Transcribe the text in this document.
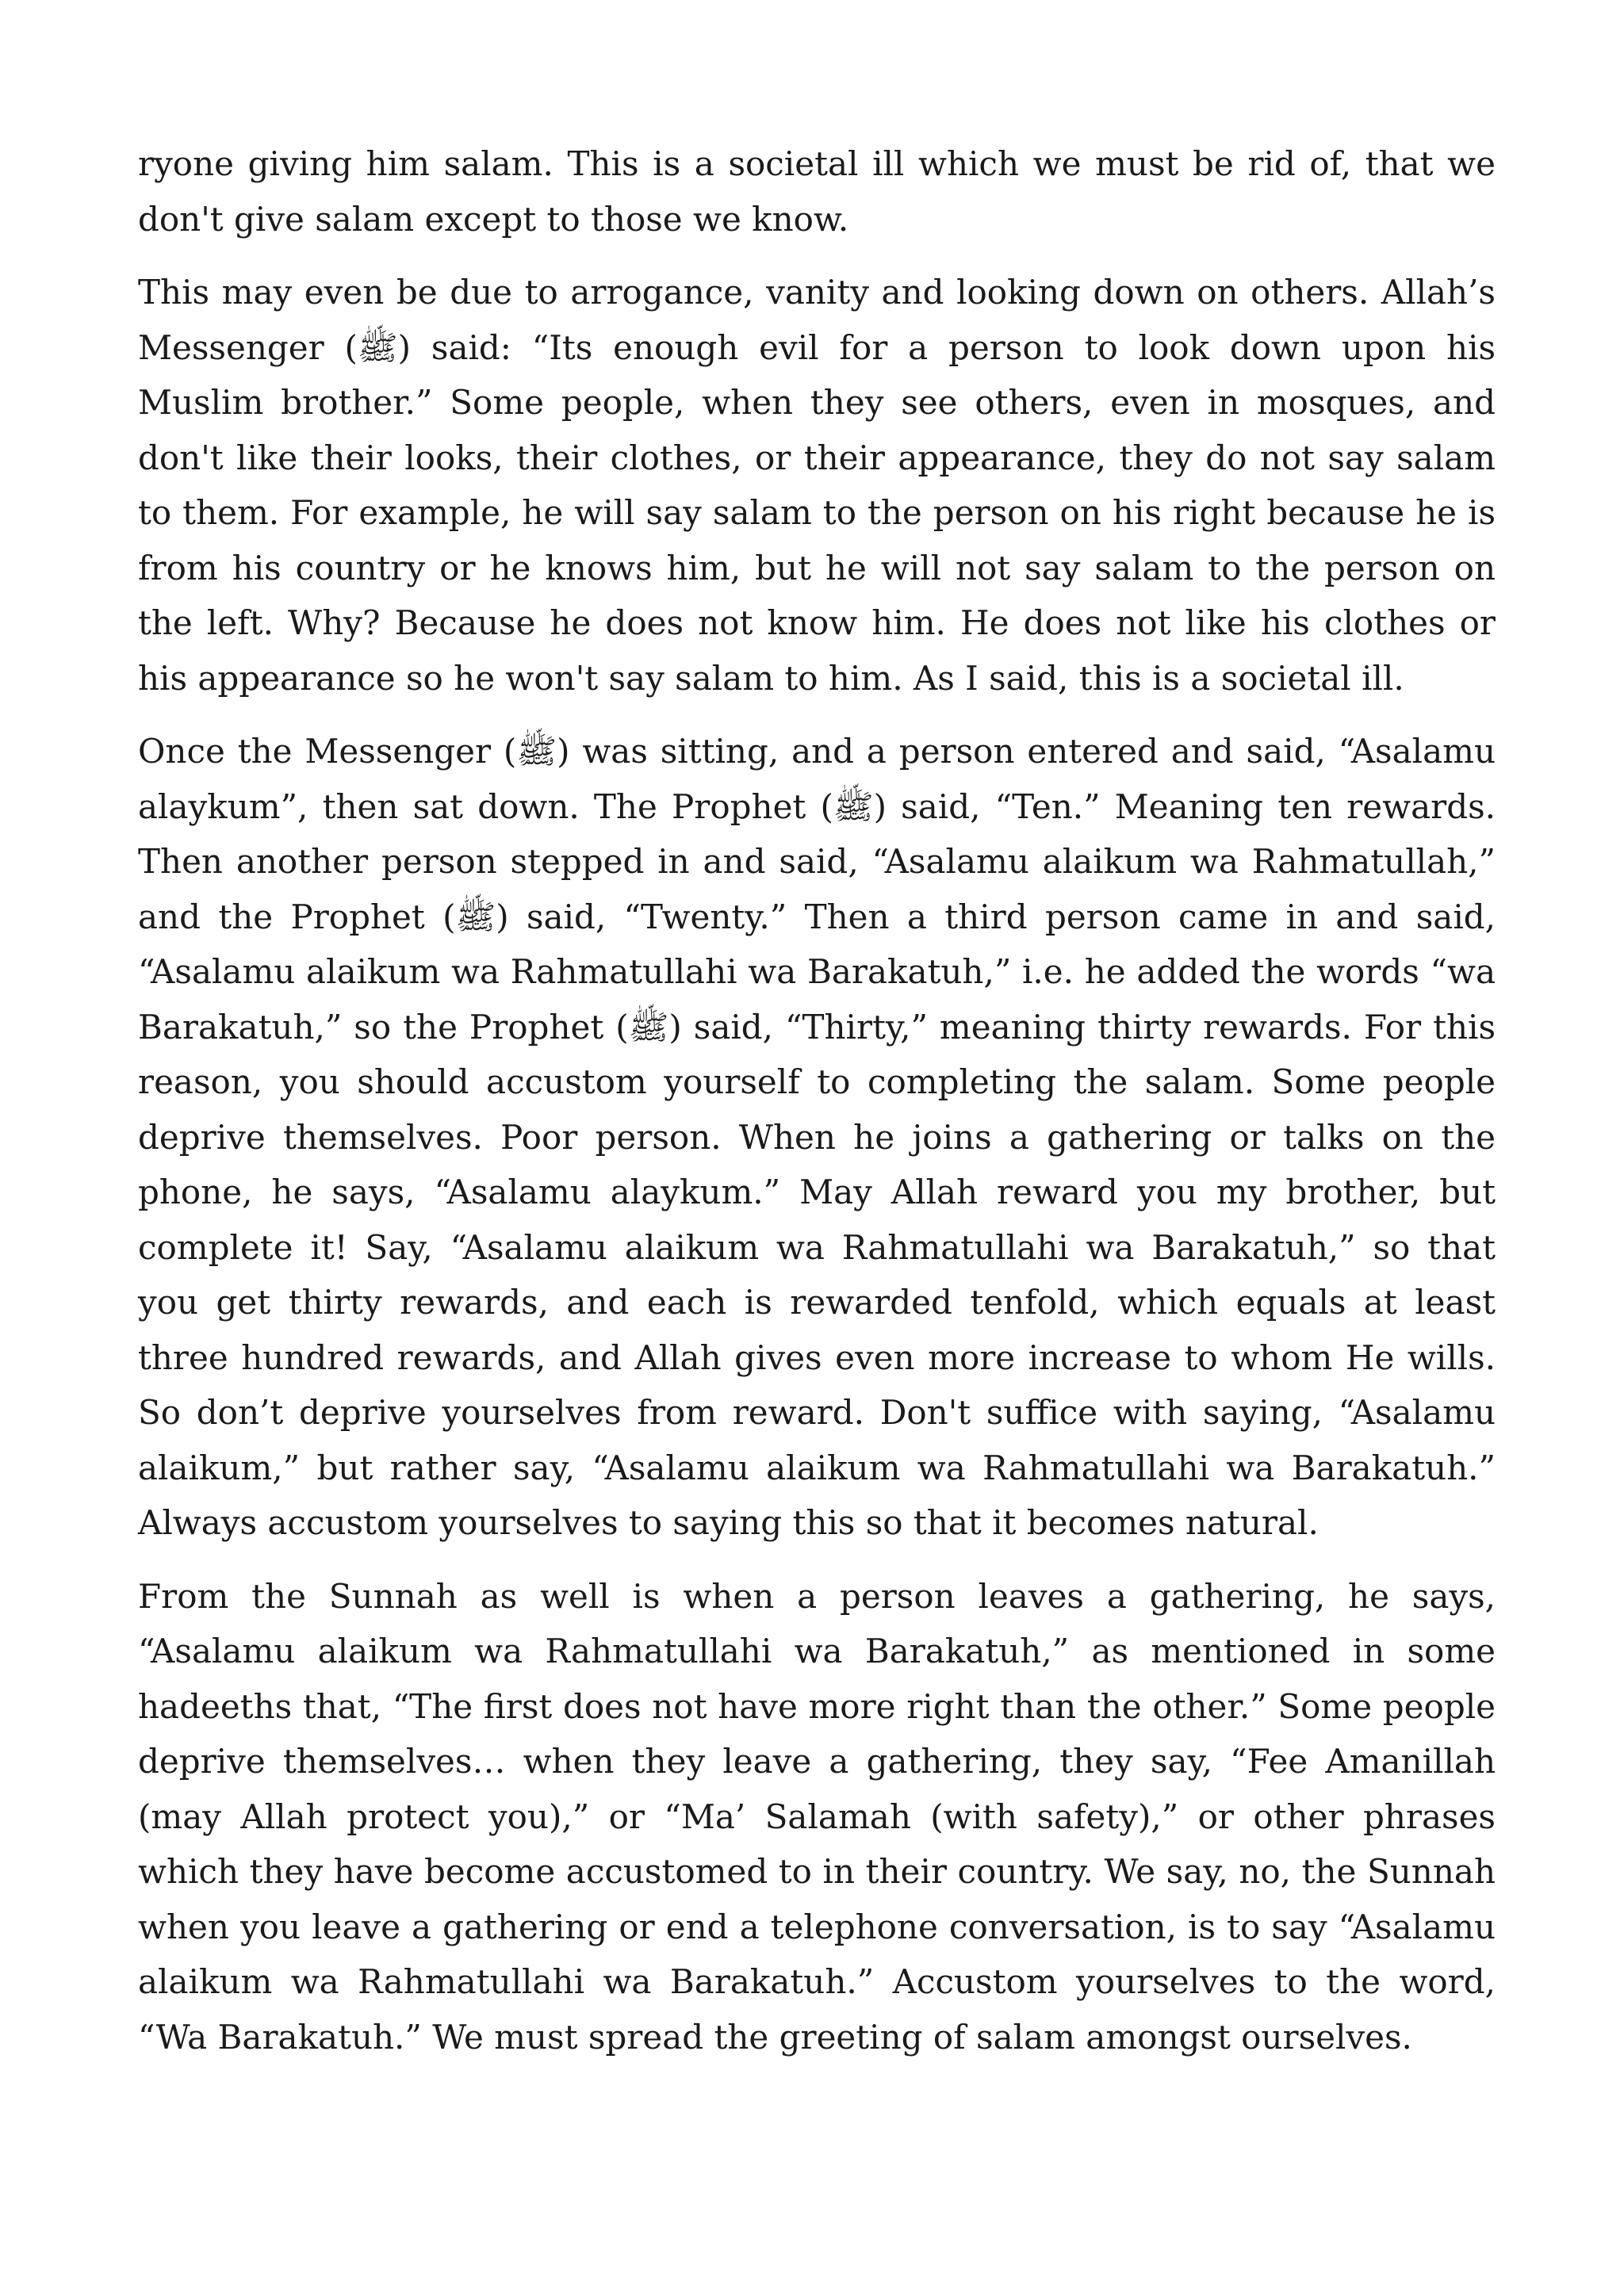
ryone giving him salam. This is a societal ill which we must be rid of, that we don't give salam except to those we know.

This may even be due to arrogance, vanity and looking down on others. Allah’s Messenger (ﷺ) said: “Its enough evil for a person to look down upon his Muslim brother.” Some people, when they see others, even in mosques, and don't like their looks, their clothes, or their appearance, they do not say salam to them. For example, he will say salam to the person on his right because he is from his country or he knows him, but he will not say salam to the person on the left. Why? Because he does not know him. He does not like his clothes or his appearance so he won't say salam to him. As I said, this is a societal ill.

Once the Messenger (ﷺ) was sitting, and a person entered and said, “Asalamu alaykum”, then sat down. The Prophet (ﷺ) said, “Ten.” Meaning ten rewards. Then another person stepped in and said, “Asalamu alaikum wa Rahmatullah,” and the Prophet (ﷺ) said, “Twenty.” Then a third person came in and said, “Asalamu alaikum wa Rahmatullahi wa Barakatuh,” i.e. he added the words “wa Barakatuh,” so the Prophet (ﷺ) said, “Thirty,” meaning thirty rewards. For this reason, you should accustom yourself to completing the salam. Some people deprive themselves. Poor person. When he joins a gathering or talks on the phone, he says, “Asalamu alaykum.” May Allah reward you my brother, but complete it! Say, “Asalamu alaikum wa Rahmatullahi wa Barakatuh,” so that you get thirty rewards, and each is rewarded tenfold, which equals at least three hundred rewards, and Allah gives even more increase to whom He wills. So don’t deprive yourselves from reward. Don't suffice with saying, “Asalamu alaikum,” but rather say, “Asalamu alaikum wa Rahmatullahi wa Barakatuh.” Always accustom yourselves to saying this so that it becomes natural.

From the Sunnah as well is when a person leaves a gathering, he says, “Asalamu alaikum wa Rahmatullahi wa Barakatuh,” as mentioned in some hadeeths that, “The first does not have more right than the other.” Some people deprive themselves… when they leave a gathering, they say, “Fee Amanillah (may Allah protect you),” or “Ma’ Salamah (with safety),” or other phrases which they have become accustomed to in their country. We say, no, the Sunnah when you leave a gathering or end a telephone conversation, is to say “Asalamu alaikum wa Rahmatullahi wa Barakatuh.” Accustom yourselves to the word, “Wa Barakatuh.” We must spread the greeting of salam amongst ourselves.
